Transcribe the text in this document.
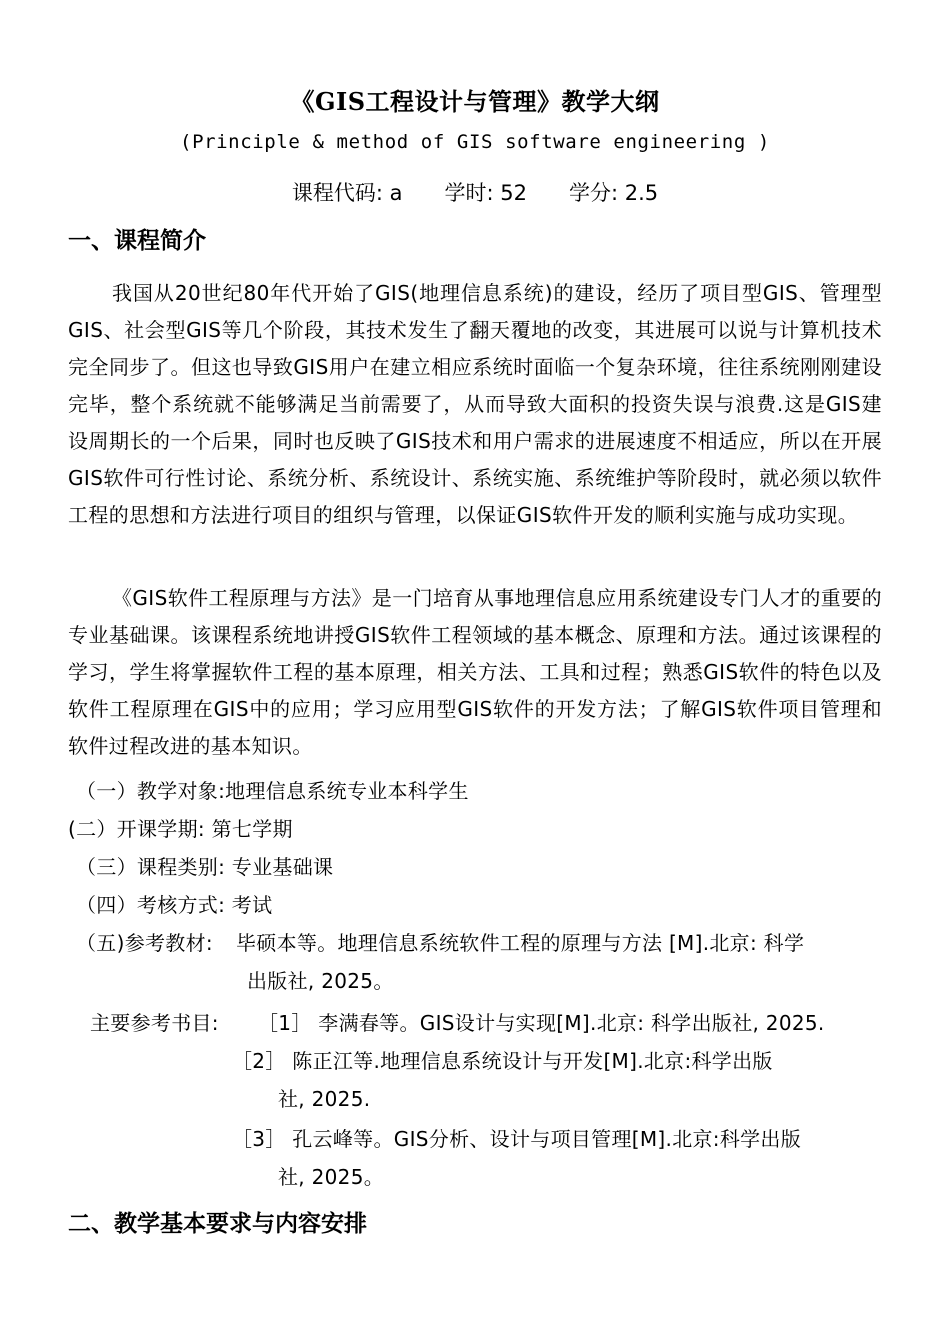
《GIS工程设计与管理》教学大纲
(Principle & method of GIS software engineering )
课程代码: a 学时: 52 学分: 2.5
一、课程简介
我国从20世纪80年代开始了GIS(地理信息系统)的建设，经历了项目型GIS、管理型GIS、社会型GIS等几个阶段，其技术发生了翻天覆地的改变，其进展可以说与计算机技术完全同步了。但这也导致GIS用户在建立相应系统时面临一个复杂环境，往往系统刚刚建设完毕，整个系统就不能够满足当前需要了，从而导致大面积的投资失误与浪费.这是GIS建设周期长的一个后果，同时也反映了GIS技术和用户需求的进展速度不相适应，所以在开展GIS软件可行性讨论、系统分析、系统设计、系统实施、系统维护等阶段时，就必须以软件工程的思想和方法进行项目的组织与管理，以保证GIS软件开发的顺利实施与成功实现。
《GIS软件工程原理与方法》是一门培育从事地理信息应用系统建设专门人才的重要的专业基础课。该课程系统地讲授GIS软件工程领域的基本概念、原理和方法。通过该课程的学习，学生将掌握软件工程的基本原理，相关方法、工具和过程；熟悉GIS软件的特色以及软件工程原理在GIS中的应用；学习应用型GIS软件的开发方法；了解GIS软件项目管理和软件过程改进的基本知识。
（一）教学对象:地理信息系统专业本科学生
(二）开课学期: 第七学期
（三）课程类别: 专业基础课
（四）考核方式: 考试
（五)参考教材: 毕硕本等。地理信息系统软件工程的原理与方法 [M].北京: 科学
出版社, 2025。
主要参考书目: ［1］ 李满春等。GIS设计与实现[M].北京: 科学出版社, 2025.
［2］ 陈正江等.地理信息系统设计与开发[M].北京:科学出版
社, 2025.
［3］ 孔云峰等。GIS分析、设计与项目管理[M].北京:科学出版
社, 2025。
二、教学基本要求与内容安排
